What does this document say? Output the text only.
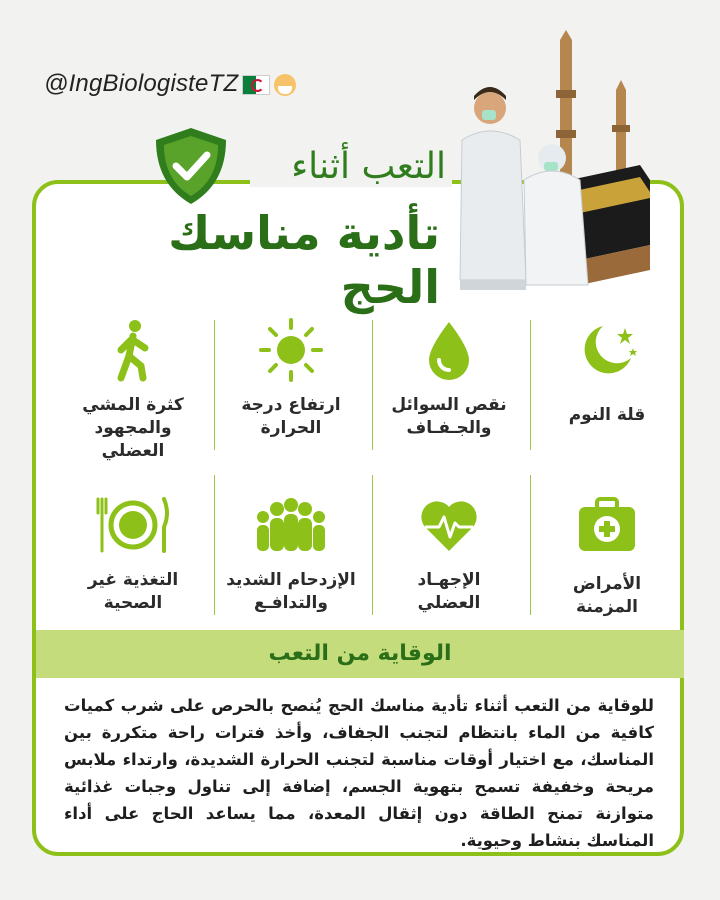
@IngBiologisteTZ
التعب أثناء
تأدية مناسك الحج
قلة النوم
نقص السوائل
والجـفـاف
ارتفاع درجة
الحرارة
كثرة المشي
والمجهود
العضلي
الأمراض
المزمنة
الإجهـاد
العضلي
الإزدحام الشديد
والتدافـع
التغذية غير
الصحية
الوقاية من التعب
للوقاية من التعب أثناء تأدية مناسك الحج يُنصح بالحرص على شرب كميات كافية من الماء بانتظام لتجنب الجفاف، وأخذ فترات راحة متكررة بين المناسك، مع اختيار أوقات مناسبة لتجنب الحرارة الشديدة، وارتداء ملابس مريحة وخفيفة تسمح بتهوية الجسم، إضافة إلى تناول وجبات غذائية متوازنة تمنح الطاقة دون إثقال المعدة، مما يساعد الحاج على أداء المناسك بنشاط وحيوية.
